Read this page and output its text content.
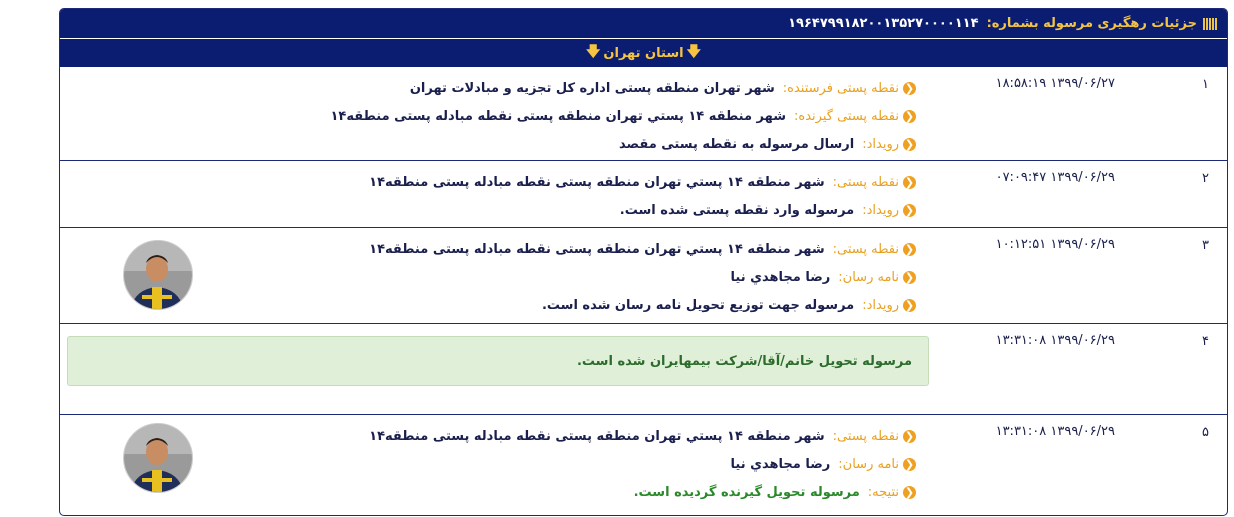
جزئیات رهگیری مرسوله بشماره:
۱۹۶۴۷۹۹۱۸۲۰۰۱۳۵۲۷۰۰۰۰۱۱۴
🡇
استان تهران
🡇
۱
۱۸:۵۸:۱۹ ۱۳۹۹/۰۶/۲۷
❮
نقطه پستی فرستنده:
شهر تهران منطقه پستی اداره کل تجزیه و مبادلات تهران
❮
نقطه پستی گیرنده:
شهر منطقه ۱۴ پستي تهران منطقه پستی نقطه مبادله پستی منطقه۱۴
❮
رویداد:
ارسال مرسوله به نقطه پستی مقصد
۲
۰۷:۰۹:۴۷ ۱۳۹۹/۰۶/۲۹
❮
نقطه پستی:
شهر منطقه ۱۴ پستي تهران منطقه پستی نقطه مبادله پستی منطقه۱۴
❮
رویداد:
مرسوله وارد نقطه پستی شده است.
۳
۱۰:۱۲:۵۱ ۱۳۹۹/۰۶/۲۹
❮
نقطه پستی:
شهر منطقه ۱۴ پستي تهران منطقه پستی نقطه مبادله پستی منطقه۱۴
❮
نامه رسان:
رضا مجاهدي نيا
❮
رویداد:
مرسوله جهت توزيع تحويل نامه رسان شده است.
۴
۱۳:۳۱:۰۸ ۱۳۹۹/۰۶/۲۹
مرسوله تحويل خانم/آقا/شرکت بیمهایران شده است.
۵
۱۳:۳۱:۰۸ ۱۳۹۹/۰۶/۲۹
❮
نقطه پستی:
شهر منطقه ۱۴ پستي تهران منطقه پستی نقطه مبادله پستی منطقه۱۴
❮
نامه رسان:
رضا مجاهدي نيا
❮
نتیجه:
مرسوله تحویل گیرنده گردیده است.
